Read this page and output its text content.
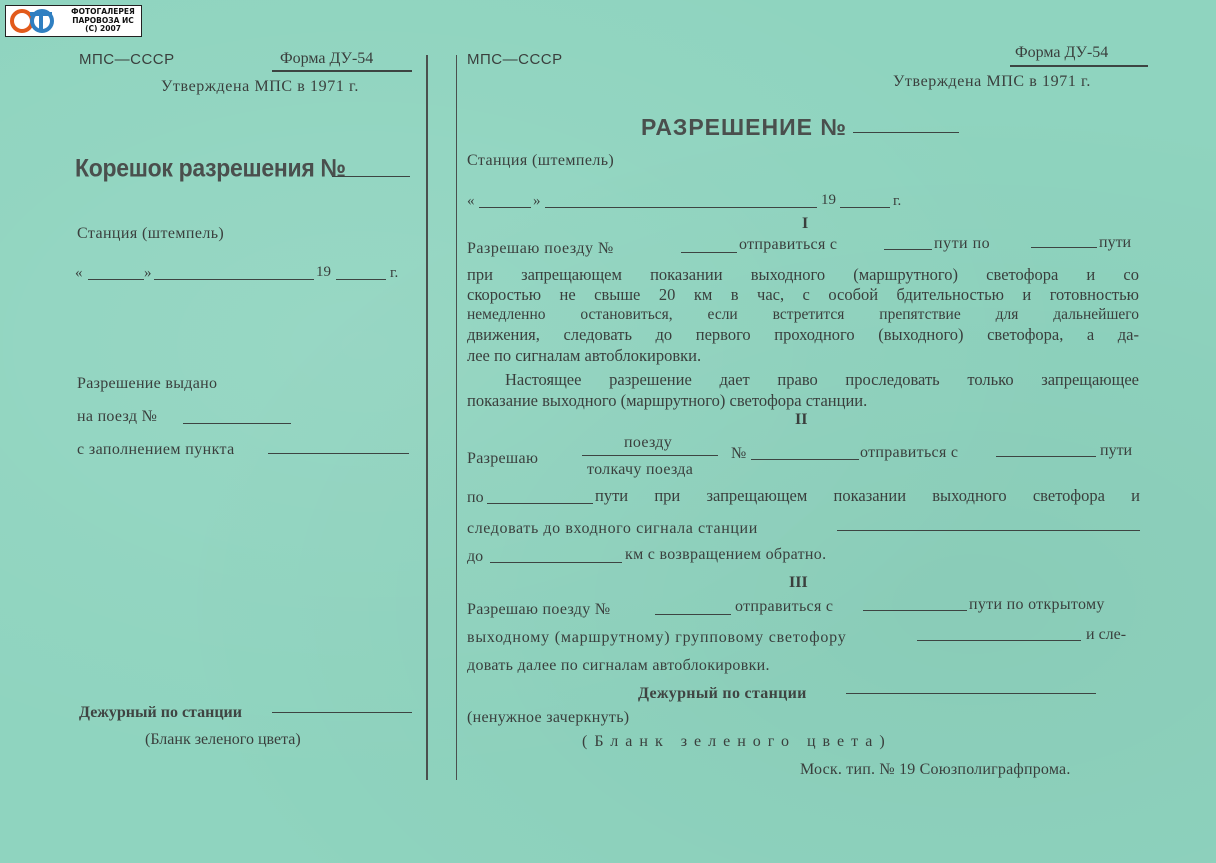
ФОТОГАЛЕРЕЯ
ПАРОВОЗА ИС
(C) 2007
МПС—СССР	Форма ДУ-54
Утверждена МПС в 1971 г.
Корешок разрешения №
Станция (штемпель)
«	»	19	г.
Разрешение выдано
на поезд №
с заполнением пункта
Дежурный по станции
(Бланк зеленого цвета)
МПС—СССР	Форма ДУ-54
Утверждена МПС в 1971 г.
РАЗРЕШЕНИЕ №
Станция (штемпель)
«	»	19	г.
I
Разрешаю поезду №	отправиться с	пути по	пути
при запрещающем показании выходного (маршрутного) светофора и со
скоростью не свыше 20 км в час, с особой бдительностью и готовностью
немедленно остановиться, если встретится препятствие для дальнейшего
движения, следовать до первого проходного (выходного) светофора, а да-
лее по сигналам автоблокировки.
Настоящее разрешение дает право проследовать только запрещающее
показание выходного (маршрутного) светофора станции.
II
Разрешаю
поезду
толкачу поезда
№	отправиться с	пути
по	пути при запрещающем показании выходного светофора и
следовать до входного сигнала станции
до	км с возвращением обратно.
III
Разрешаю поезду №	отправиться с	пути по открытому
выходному (маршрутному) групповому светофору	и сле-
довать далее по сигналам автоблокировки.
Дежурный по станции
(ненужное зачеркнуть)
(Бланк зеленого цвета)
Моск. тип. № 19 Союзполиграфпрома.
